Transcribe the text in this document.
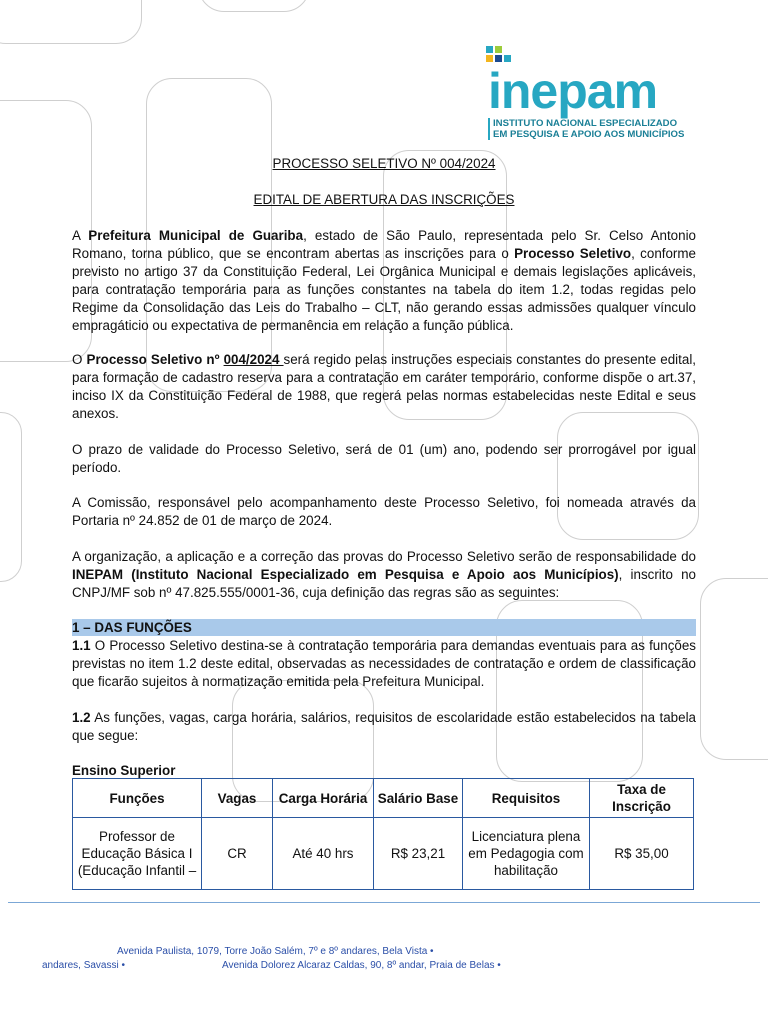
inepam
INSTITUTO NACIONAL ESPECIALIZADO
EM PESQUISA E APOIO AOS MUNICÍPIOS
PROCESSO SELETIVO Nº 004/2024
EDITAL DE ABERTURA DAS INSCRIÇÕES

A Prefeitura Municipal de Guariba, estado de São Paulo, representada pelo Sr. Celso Antonio Romano, torna público, que se encontram abertas as inscrições para o Processo Seletivo, conforme previsto no artigo 37 da Constituição Federal, Lei Orgânica Municipal e demais legislações aplicáveis, para contratação temporária para as funções constantes na tabela do item 1.2, todas regidas pelo Regime da Consolidação das Leis do Trabalho – CLT, não gerando essas admissões qualquer vínculo empragáticio ou expectativa de permanência em relação a função pública.

O Processo Seletivo nº 004/2024 será regido pelas instruções especiais constantes do presente edital, para formação de cadastro reserva para a contratação em caráter temporário, conforme dispõe o art.37, inciso IX da Constituição Federal de 1988, que regerá pelas normas estabelecidas neste Edital e seus anexos.

O prazo de validade do Processo Seletivo, será de 01 (um) ano, podendo ser prorrogável por igual período.

A Comissão, responsável pelo acompanhamento deste Processo Seletivo, foi nomeada através da Portaria nº 24.852 de 01 de março de 2024.

A organização, a aplicação e a correção das provas do Processo Seletivo serão de responsabilidade do INEPAM (Instituto Nacional Especializado em Pesquisa e Apoio aos Municípios), inscrito no CNPJ/MF sob nº 47.825.555/0001-36, cuja definição das regras são as seguintes:

1 – DAS FUNÇÕES

1.1 O Processo Seletivo destina-se à contratação temporária para demandas eventuais para as funções previstas no item 1.2 deste edital, observadas as necessidades de contratação e ordem de classificação que ficarão sujeitos à normatização emitida pela Prefeitura Municipal.

1.2 As funções, vagas, carga horária, salários, requisitos de escolaridade estão estabelecidos na tabela que segue:

Ensino Superior
Funções	Vagas	Carga Horária	Salário Base	Requisitos	Taxa de Inscrição
Professor de Educação Básica I (Educação Infantil –	CR	Até 40 hrs	R$ 23,21	Licenciatura plena em Pedagogia com habilitação	R$ 35,00
Avenida Paulista, 1079, Torre João Salém, 7º e 8º andares, Bela Vista •
andares, Savassi •	Avenida Dolorez Alcaraz Caldas, 90, 8º andar, Praia de Belas •
